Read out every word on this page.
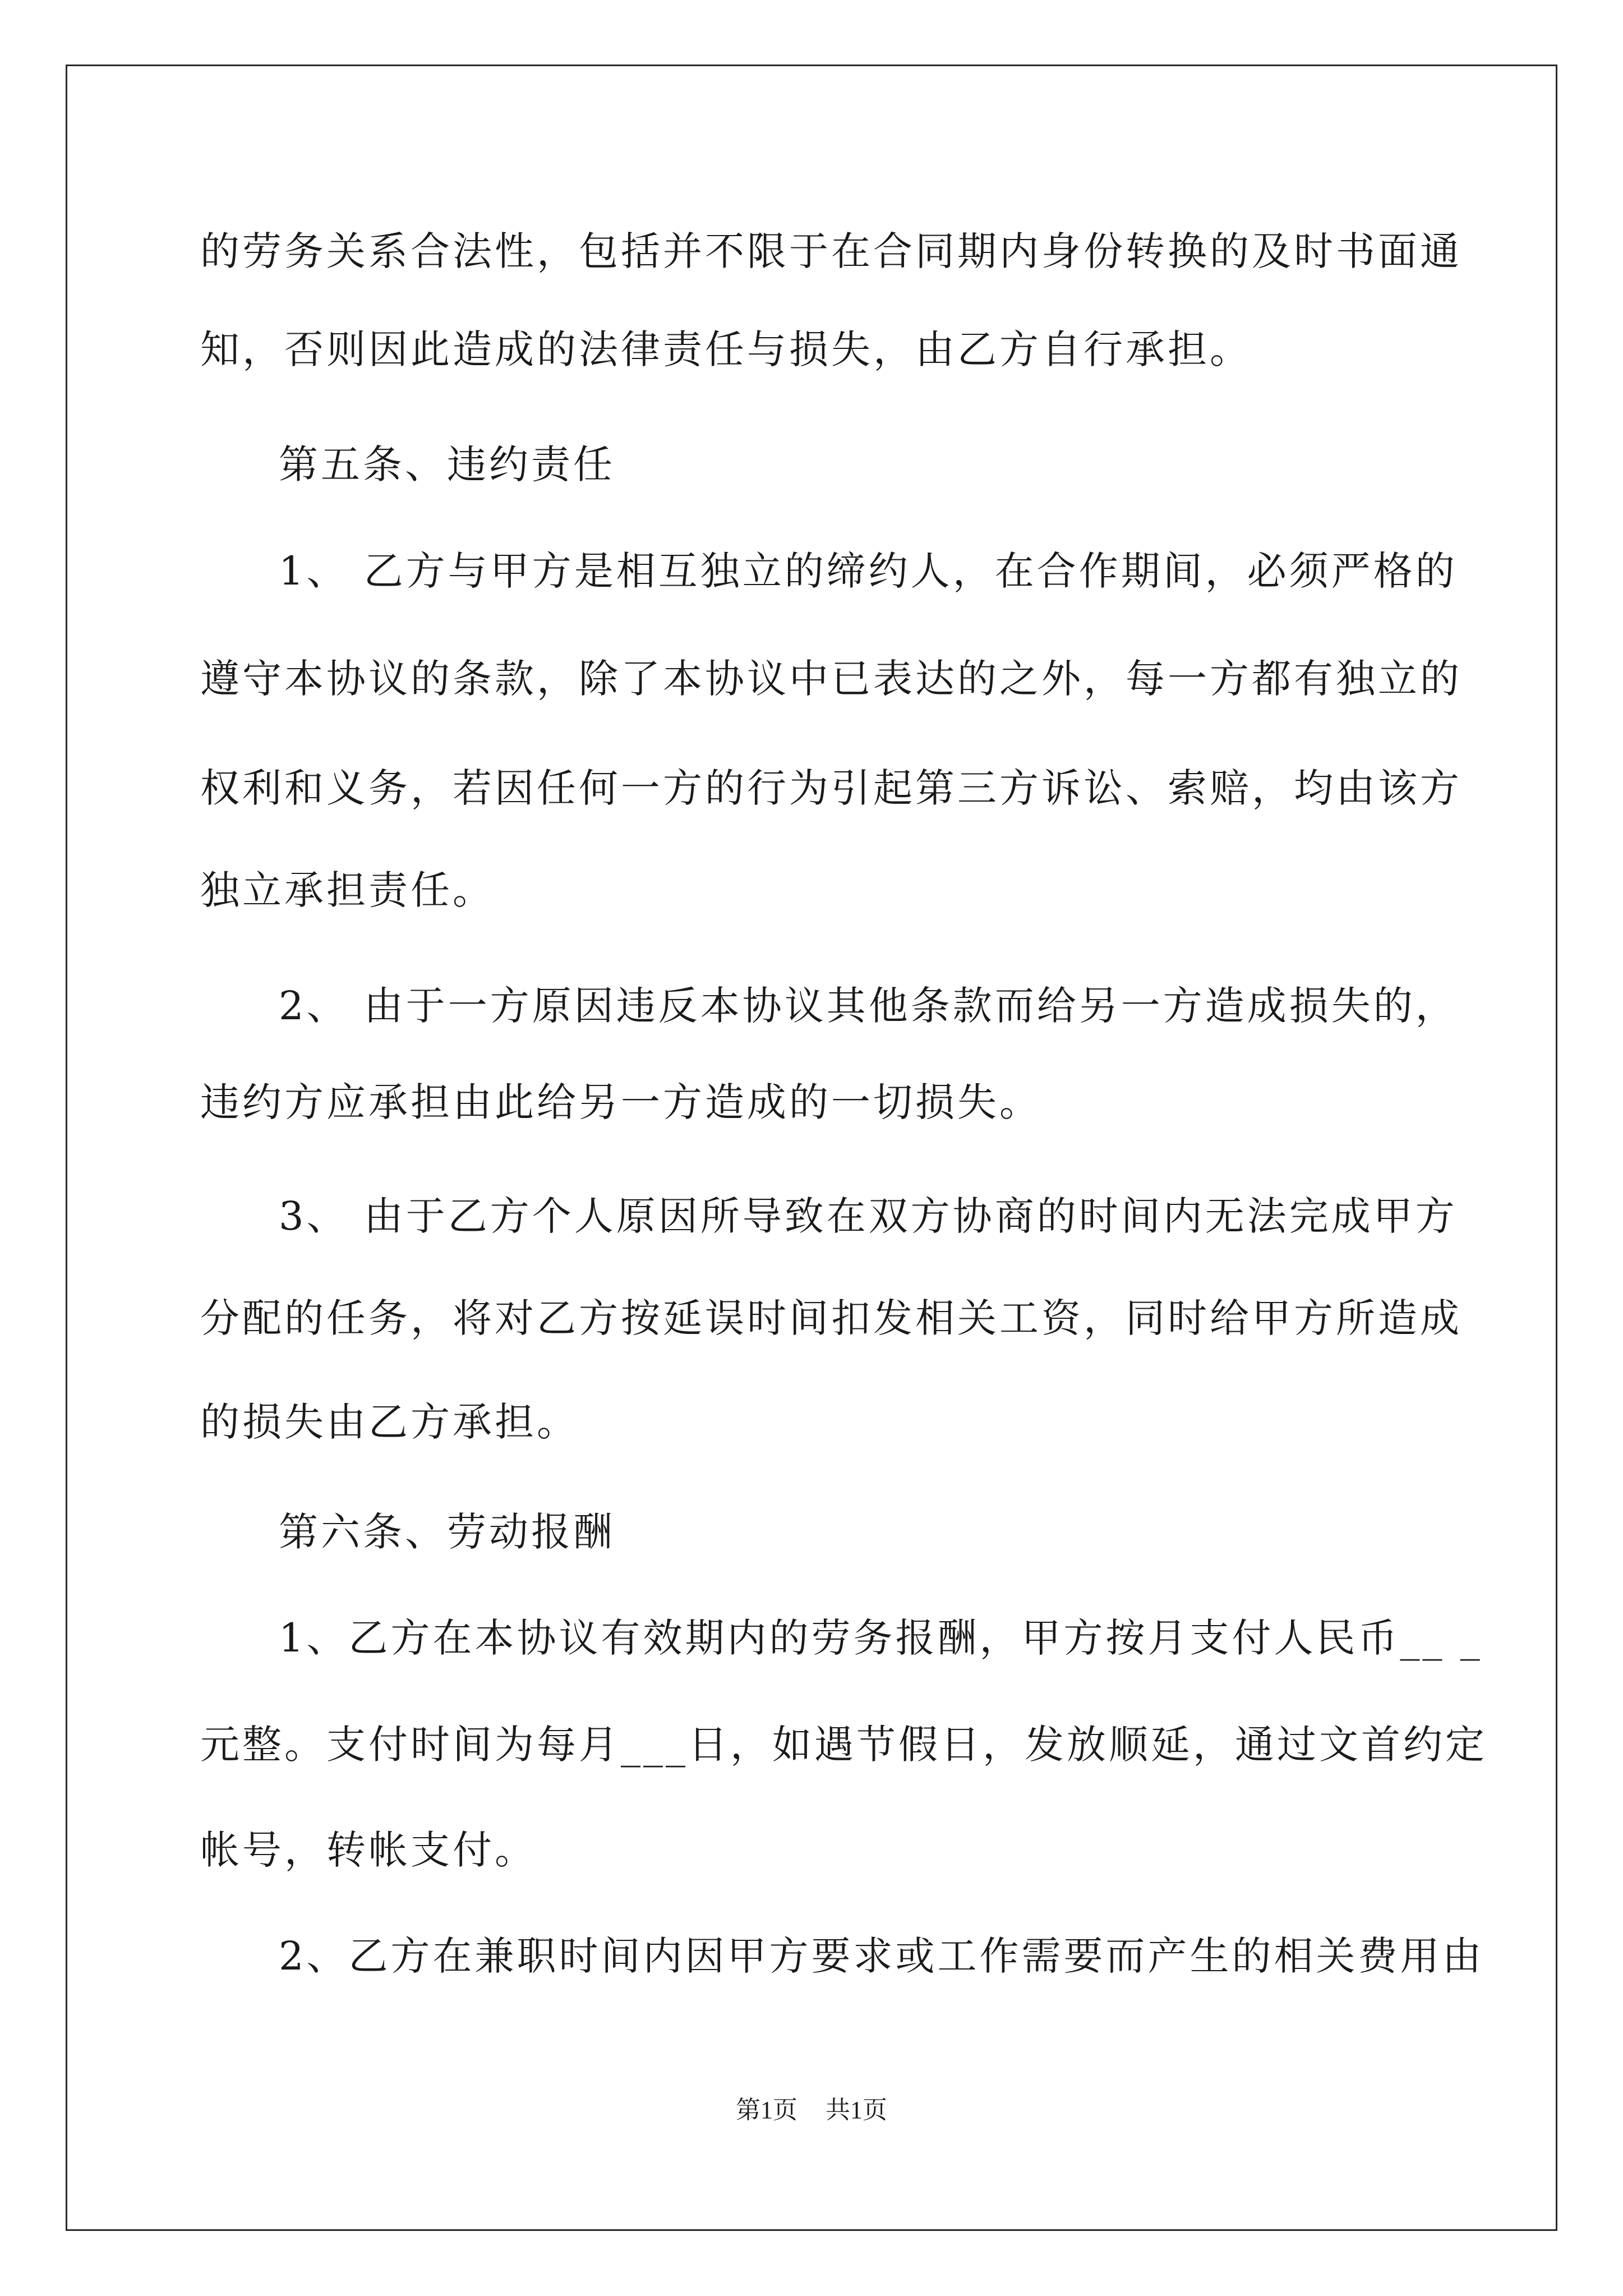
的劳务关系合法性，包括并不限于在合同期内身份转换的及时书面通
知，否则因此造成的法律责任与损失，由乙方自行承担。
第五条、违约责任
1、 乙方与甲方是相互独立的缔约人，在合作期间，必须严格的
遵守本协议的条款，除了本协议中已表达的之外，每一方都有独立的
权利和义务，若因任何一方的行为引起第三方诉讼、索赔，均由该方
独立承担责任。
2、 由于一方原因违反本协议其他条款而给另一方造成损失的，
违约方应承担由此给另一方造成的一切损失。
3、 由于乙方个人原因所导致在双方协商的时间内无法完成甲方
分配的任务，将对乙方按延误时间扣发相关工资，同时给甲方所造成
的损失由乙方承担。
第六条、劳动报酬
1、乙方在本协议有效期内的劳务报酬，甲方按月支付人民币__ _
元整。支付时间为每月___日，如遇节假日，发放顺延，通过文首约定
帐号，转帐支付。
2、乙方在兼职时间内因甲方要求或工作需要而产生的相关费用由
第1页 共1页
